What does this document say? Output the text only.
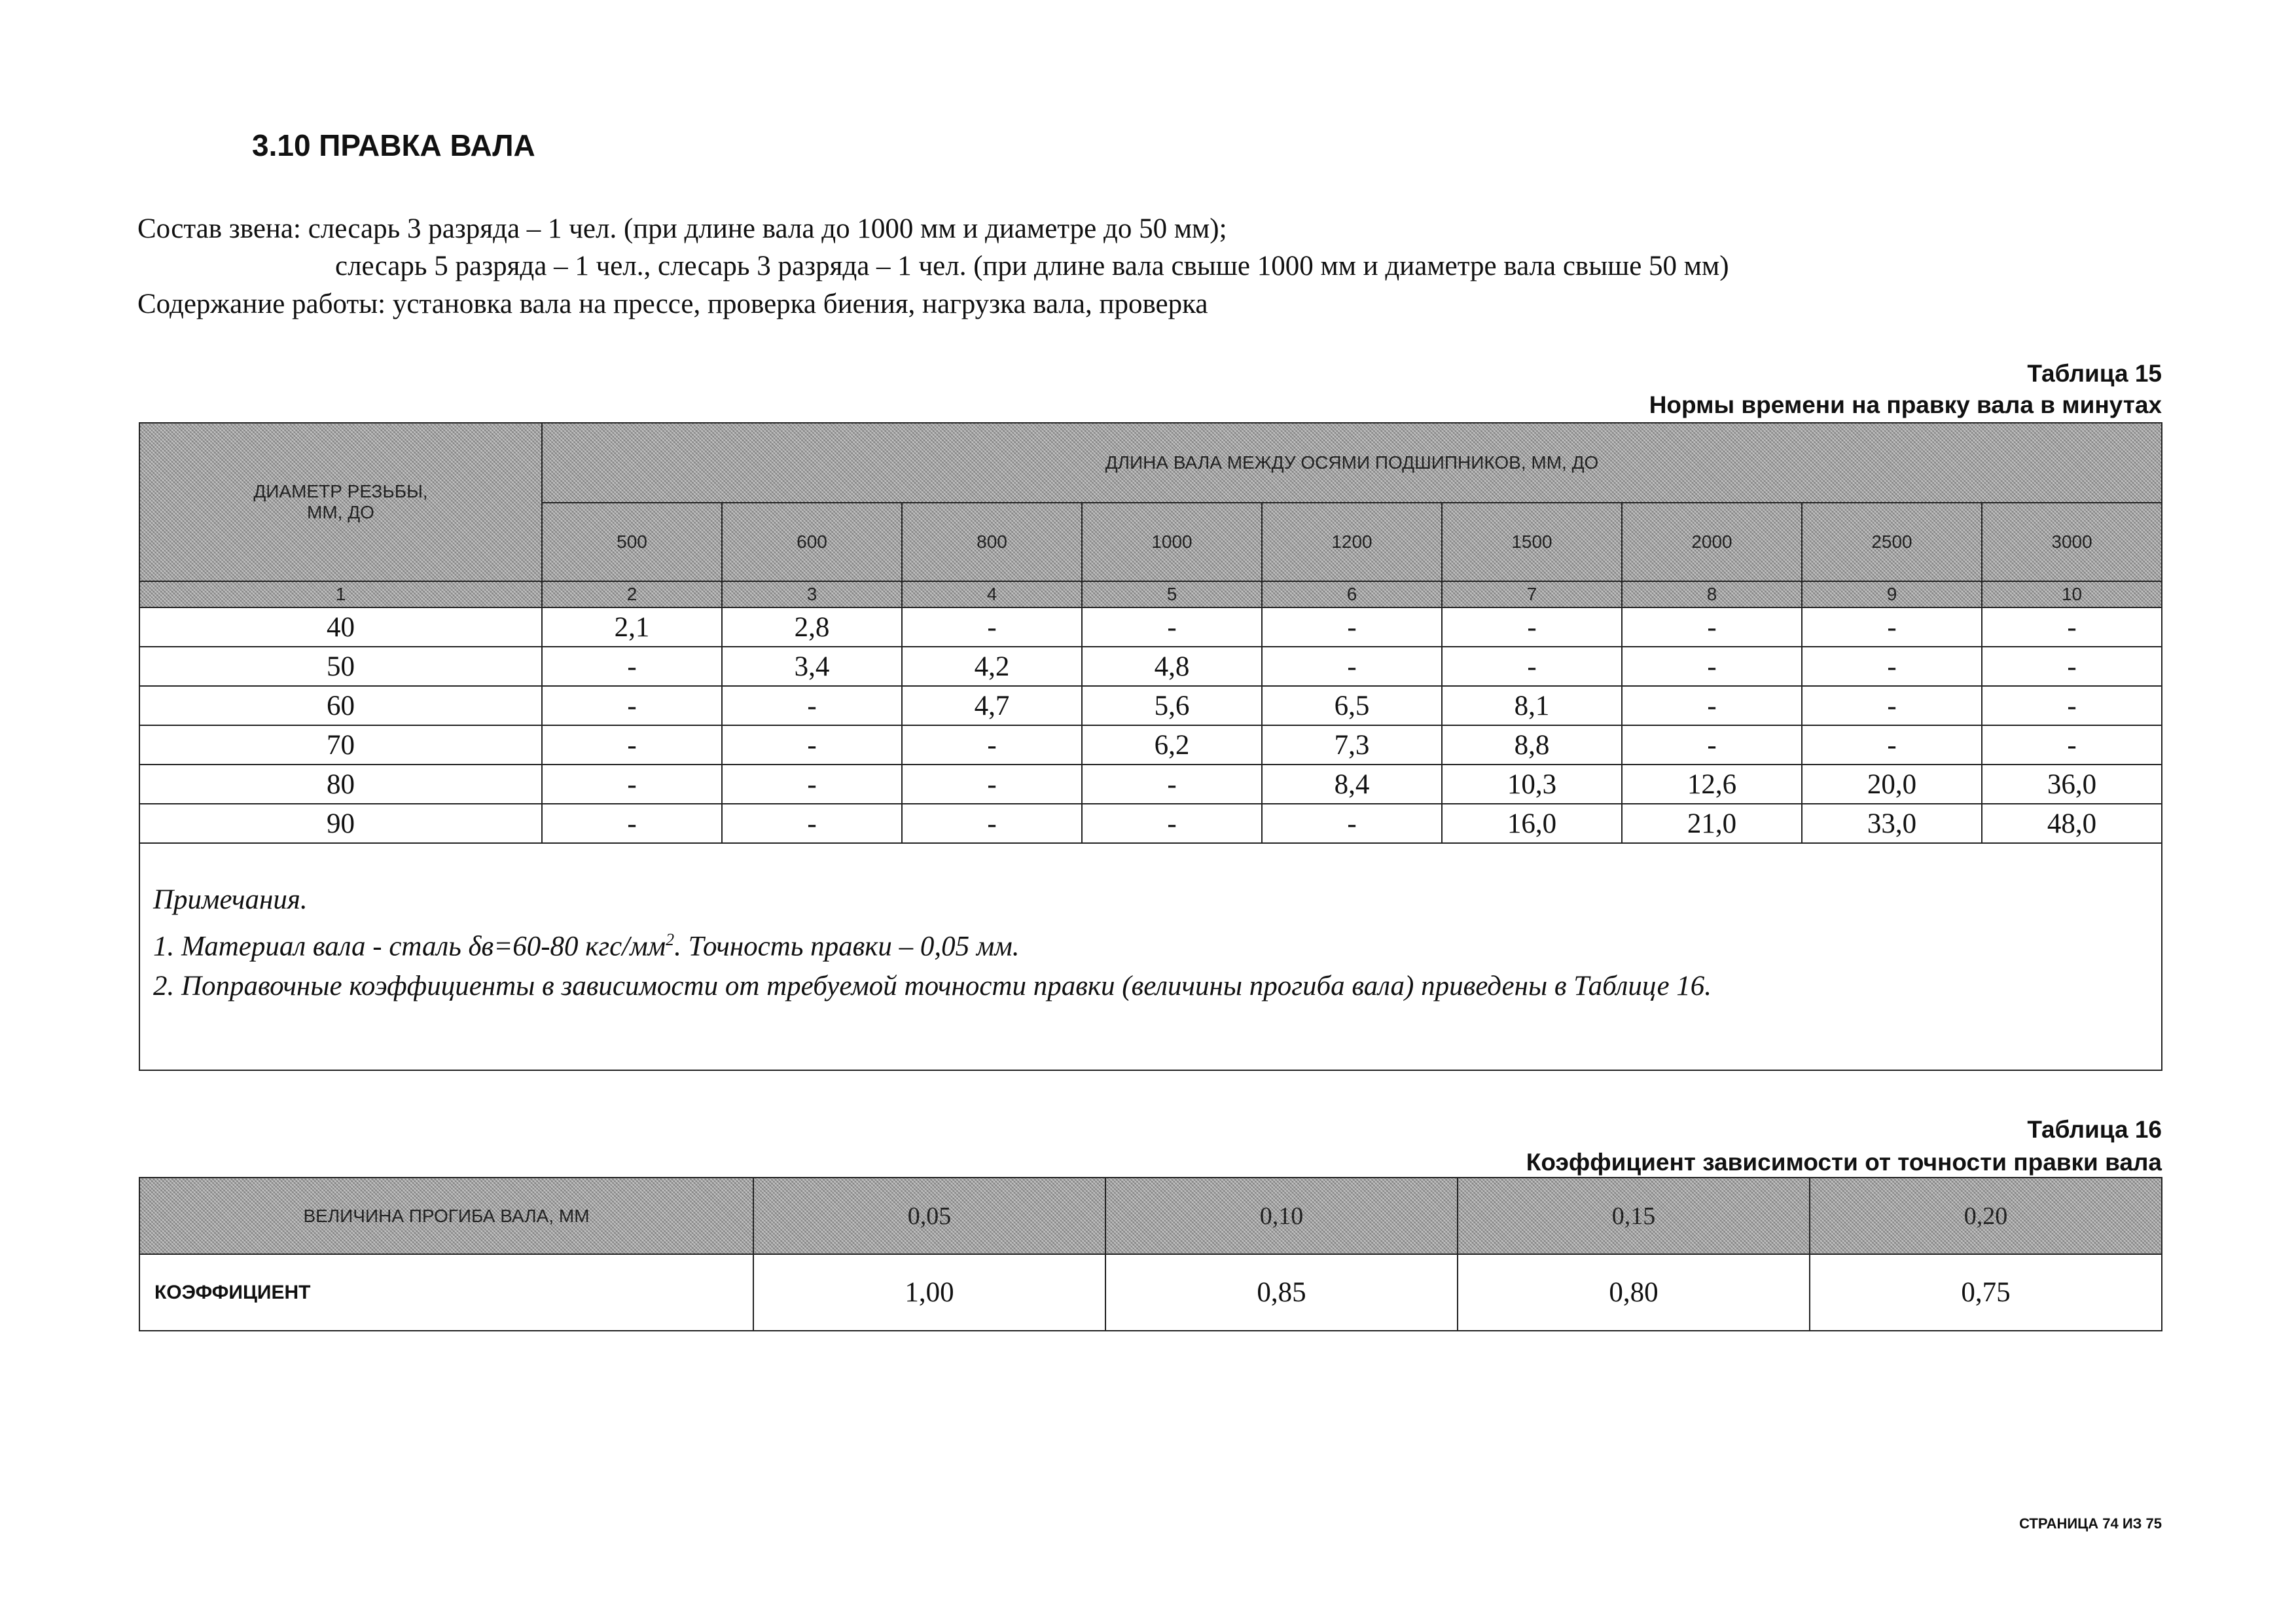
3.10 ПРАВКА ВАЛА
Состав звена: слесарь 3 разряда – 1 чел. (при длине вала до 1000 мм и диаметре до 50 мм);
слесарь 5 разряда – 1 чел., слесарь 3 разряда – 1 чел. (при длине вала свыше 1000 мм и диаметре вала свыше 50 мм)
Содержание работы: установка вала на прессе, проверка биения, нагрузка вала, проверка
Таблица 15
Нормы времени на правку вала в минутах
ДИАМЕТР РЕЗЬБЫ, ММ, ДО	ДЛИНА ВАЛА МЕЖДУ ОСЯМИ ПОДШИПНИКОВ, ММ, ДО								
	500	600	800	1000	1200	1500	2000	2500	3000
1	2	3	4	5	6	7	8	9	10
40	2,1	2,8	-	-	-	-	-	-	-
50	-	3,4	4,2	4,8	-	-	-	-	-
60	-	-	4,7	5,6	6,5	8,1	-	-	-
70	-	-	-	6,2	7,3	8,8	-	-	-
80	-	-	-	-	8,4	10,3	12,6	20,0	36,0
90	-	-	-	-	-	16,0	21,0	33,0	48,0

Примечания.
1. Материал вала - сталь δв=60-80 кгс/$мм^2$. Точность правки – 0,05 мм.
2. Поправочные коэффициенты в зависимости от требуемой точности правки (величины прогиба вала) приведены в Таблице 16.									
Таблица 16
Коэффициент зависимости от точности правки вала
ВЕЛИЧИНА ПРОГИБА ВАЛА, ММ	0,05	0,10	0,15	0,20
КОЭФФИЦИЕНТ	1,00	0,85	0,80	0,75
СТРАНИЦА 74 ИЗ 75
